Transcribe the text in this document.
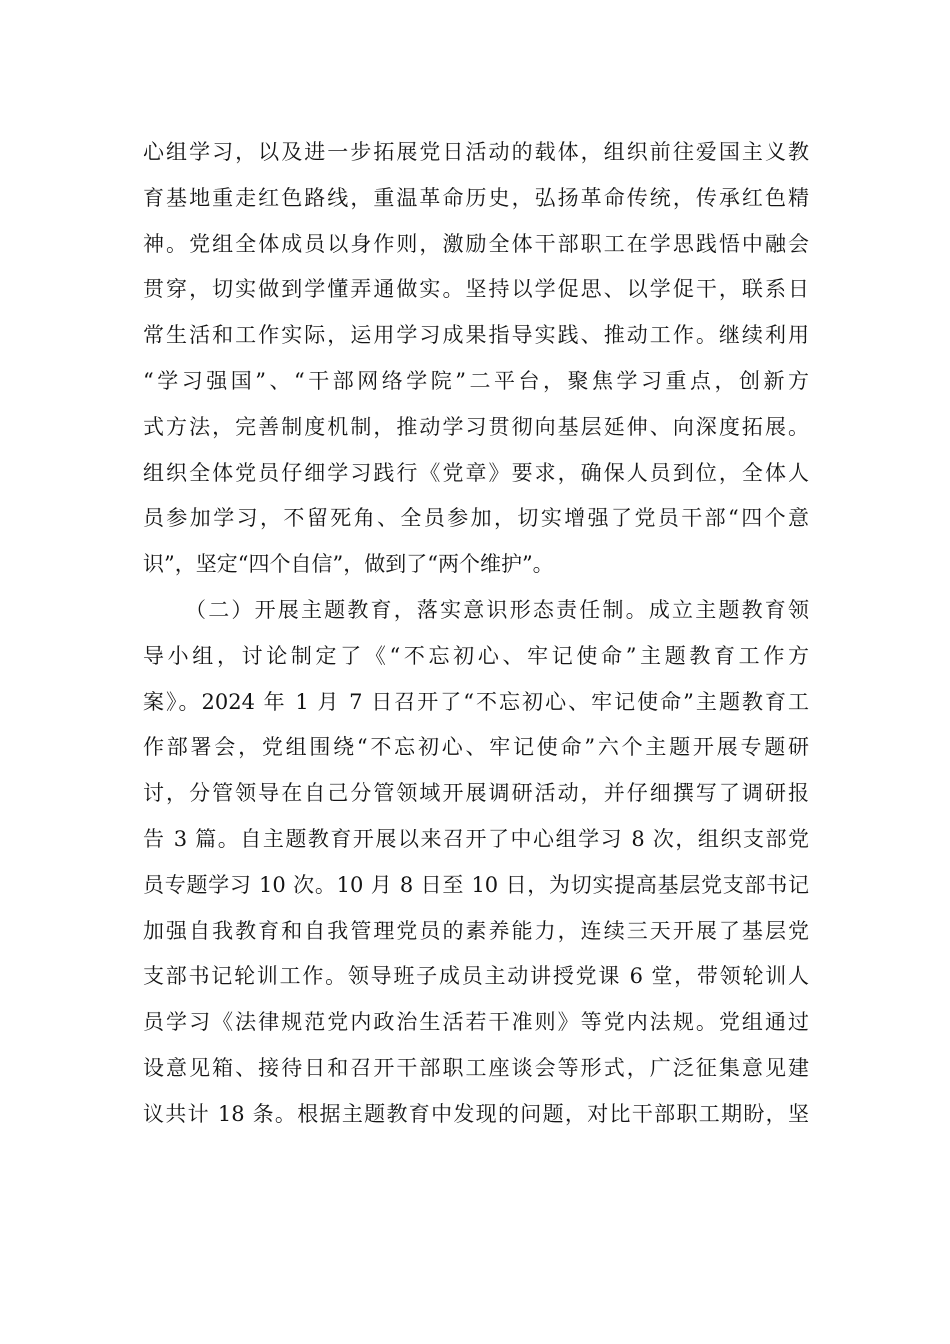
心组学习，以及进一步拓展党日活动的载体，组织前往爱国主义教
育基地重走红色路线，重温革命历史，弘扬革命传统，传承红色精
神。党组全体成员以身作则，激励全体干部职工在学思践悟中融会
贯穿，切实做到学懂弄通做实。坚持以学促思、以学促干，联系日
常生活和工作实际，运用学习成果指导实践、推动工作。继续利用
“学习强国”、“干部网络学院”二平台，聚焦学习重点，创新方
式方法，完善制度机制，推动学习贯彻向基层延伸、向深度拓展。
组织全体党员仔细学习践行《党章》要求，确保人员到位，全体人
员参加学习，不留死角、全员参加，切实增强了党员干部“四个意
识”，坚定“四个自信”，做到了“两个维护”。
（二）开展主题教育，落实意识形态责任制。成立主题教育领
导小组，讨论制定了《“不忘初心、牢记使命”主题教育工作方
案》。2024 年 1 月 7 日召开了“不忘初心、牢记使命”主题教育工
作部署会，党组围绕“不忘初心、牢记使命”六个主题开展专题研
讨，分管领导在自己分管领域开展调研活动，并仔细撰写了调研报
告 3 篇。自主题教育开展以来召开了中心组学习 8 次，组织支部党
员专题学习 10 次。10 月 8 日至 10 日，为切实提高基层党支部书记
加强自我教育和自我管理党员的素养能力，连续三天开展了基层党
支部书记轮训工作。领导班子成员主动讲授党课 6 堂，带领轮训人
员学习《法律规范党内政治生活若干准则》等党内法规。党组通过
设意见箱、接待日和召开干部职工座谈会等形式，广泛征集意见建
议共计 18 条。根据主题教育中发现的问题，对比干部职工期盼，坚
